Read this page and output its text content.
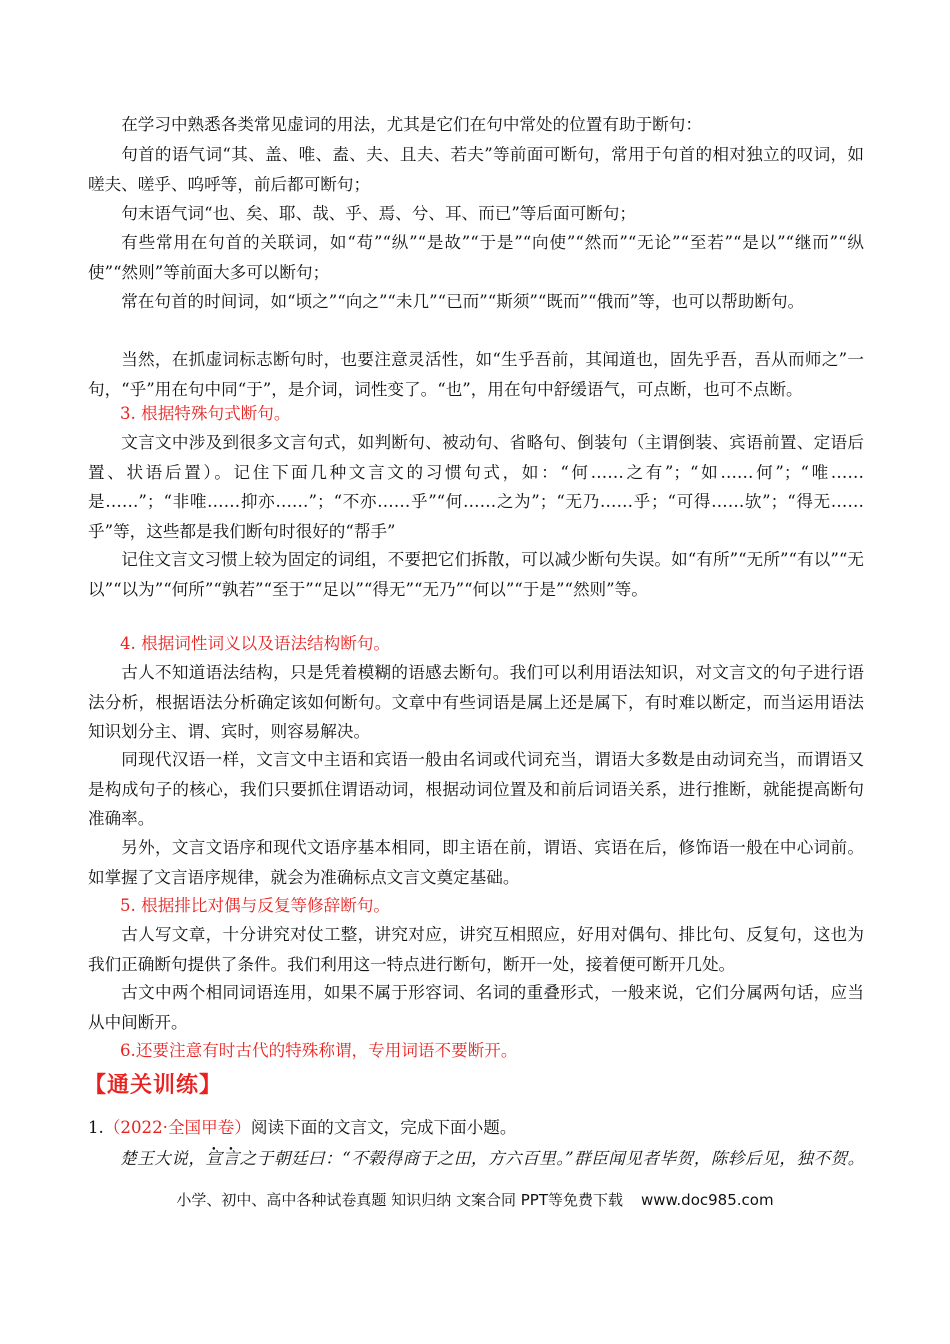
在学习中熟悉各类常见虚词的用法，尤其是它们在句中常处的位置有助于断句：

句首的语气词“其、盖、唯、盍、夫、且夫、若夫”等前面可断句，常用于句首的相对独立的叹词，如嗟夫、嗟乎、呜呼等，前后都可断句；

句末语气词“也、矣、耶、哉、乎、焉、兮、耳、而已”等后面可断句；

有些常用在句首的关联词，如“苟”“纵”“是故”“于是”“向使”“然而”“无论”“至若”“是以”“继而”“纵使”“然则”等前面大多可以断句；

常在句首的时间词，如“顷之”“向之”“未几”“已而”“斯须”“既而”“俄而”等，也可以帮助断句。

当然，在抓虚词标志断句时，也要注意灵活性，如“生乎吾前，其闻道也，固先乎吾，吾从而师之”一句，“乎”用在句中同“于”，是介词，词性变了。“也”，用在句中舒缓语气，可点断，也可不点断。

3. 根据特殊句式断句。

文言文中涉及到很多文言句式，如判断句、被动句、省略句、倒装句（主谓倒装、宾语前置、定语后置、状语后置）。记住下面几种文言文的习惯句式，如：“何……之有”；“如……何”；“唯……是……”；“非唯……抑亦……”；“不亦……乎”“何……之为”；“无乃……乎；“可得……欤”；“得无……乎”等，这些都是我们断句时很好的“帮手”

记住文言文习惯上较为固定的词组，不要把它们拆散，可以减少断句失误。如“有所”“无所”“有以”“无以”“以为”“何所”“孰若”“至于”“足以”“得无”“无乃”“何以”“于是”“然则”等。

4. 根据词性词义以及语法结构断句。

古人不知道语法结构，只是凭着模糊的语感去断句。我们可以利用语法知识，对文言文的句子进行语法分析，根据语法分析确定该如何断句。文章中有些词语是属上还是属下，有时难以断定，而当运用语法知识划分主、谓、宾时，则容易解决。

同现代汉语一样，文言文中主语和宾语一般由名词或代词充当，谓语大多数是由动词充当，而谓语又是构成句子的核心，我们只要抓住谓语动词，根据动词位置及和前后词语关系，进行推断，就能提高断句准确率。

另外，文言文语序和现代文语序基本相同，即主语在前，谓语、宾语在后，修饰语一般在中心词前。如掌握了文言语序规律，就会为准确标点文言文奠定基础。

5. 根据排比对偶与反复等修辞断句。

古人写文章，十分讲究对仗工整，讲究对应，讲究互相照应，好用对偶句、排比句、反复句，这也为我们正确断句提供了条件。我们利用这一特点进行断句，断开一处，接着便可断开几处。

古文中两个相同词语连用，如果不属于形容词、名词的重叠形式，一般来说，它们分属两句话，应当从中间断开。

6.还要注意有时古代的特殊称谓，专用词语不要断开。

【通关训练】

1.（2022·全国甲卷）阅读下面的文言文，完成下面小题。

楚王大说，宣言之于朝廷曰：“不榖得商于之田，方六百里。”群臣闻见者毕贺，陈轸后见，独不贺。

小学、初中、高中各种试卷真题 知识归纳 文案合同 PPT等免费下载 www.doc985.com
